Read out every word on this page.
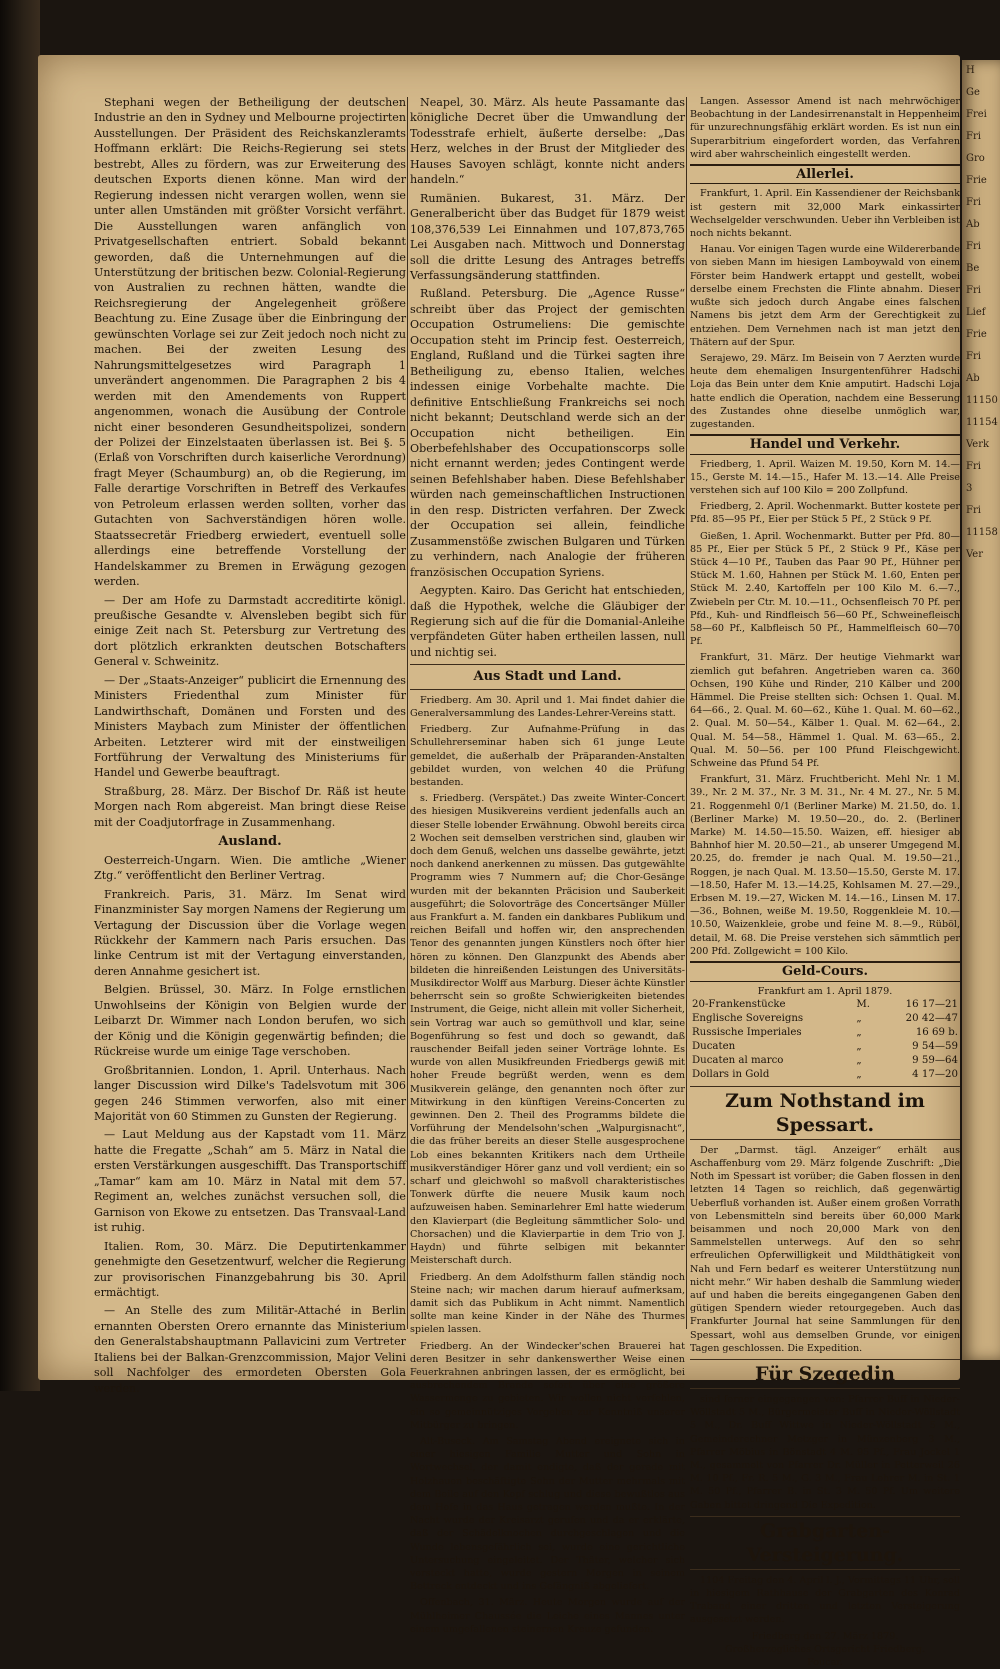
H
Ge
Frei
Fri
Gro
Frie
Fri
Ab
Fri
Be
Fri
Lief
Frie
Fri
Ab
11150
11154
Verk
Fri
3
Fri
11158
Ver

Stephani wegen der Betheiligung der deutschen Industrie an den in Sydney und Melbourne projectirten Ausstellungen. Der Präsident des Reichskanzleramts Hoffmann erklärt: Die Reichs-Regierung sei stets bestrebt, Alles zu fördern, was zur Erweiterung des deutschen Exports dienen könne. Man wird der Regierung indessen nicht verargen wollen, wenn sie unter allen Umständen mit größter Vorsicht verfährt. Die Ausstellungen waren anfänglich von Privatgesellschaften entriert. Sobald bekannt geworden, daß die Unternehmungen auf die Unterstützung der britischen bezw. Colonial-Regierung von Australien zu rechnen hätten, wandte die Reichsregierung der Angelegenheit größere Beachtung zu. Eine Zusage über die Einbringung der gewünschten Vorlage sei zur Zeit jedoch noch nicht zu machen. Bei der zweiten Lesung des Nahrungsmittelgesetzes wird Paragraph 1 unverändert angenommen. Die Paragraphen 2 bis 4 werden mit den Amendements von Ruppert angenommen, wonach die Ausübung der Controle nicht einer besonderen Gesundheitspolizei, sondern der Polizei der Einzelstaaten überlassen ist. Bei §. 5 (Erlaß von Vorschriften durch kaiserliche Verordnung) fragt Meyer (Schaumburg) an, ob die Regierung, im Falle derartige Vorschriften in Betreff des Verkaufes von Petroleum erlassen werden sollten, vorher das Gutachten von Sachverständigen hören wolle. Staatssecretär Friedberg erwiedert, eventuell solle allerdings eine betreffende Vorstellung der Handelskammer zu Bremen in Erwägung gezogen werden.

— Der am Hofe zu Darmstadt accreditirte königl. preußische Gesandte v. Alvensleben begibt sich für einige Zeit nach St. Petersburg zur Vertretung des dort plötzlich erkrankten deutschen Botschafters General v. Schweinitz.

— Der „Staats-Anzeiger“ publicirt die Ernennung des Ministers Friedenthal zum Minister für Landwirthschaft, Domänen und Forsten und des Ministers Maybach zum Minister der öffentlichen Arbeiten. Letzterer wird mit der einstweiligen Fortführung der Verwaltung des Ministeriums für Handel und Gewerbe beauftragt.

Straßburg, 28. März. Der Bischof Dr. Räß ist heute Morgen nach Rom abgereist. Man bringt diese Reise mit der Coadjutorfrage in Zusammenhang.

Ausland.

Oesterreich-Ungarn. Wien. Die amtliche „Wiener Ztg.“ veröffentlicht den Berliner Vertrag.

Frankreich. Paris, 31. März. Im Senat wird Finanzminister Say morgen Namens der Regierung um Vertagung der Discussion über die Vorlage wegen Rückkehr der Kammern nach Paris ersuchen. Das linke Centrum ist mit der Vertagung einverstanden, deren Annahme gesichert ist.

Belgien. Brüssel, 30. März. In Folge ernstlichen Unwohlseins der Königin von Belgien wurde der Leibarzt Dr. Wimmer nach London berufen, wo sich der König und die Königin gegenwärtig befinden; die Rückreise wurde um einige Tage verschoben.

Großbritannien. London, 1. April. Unterhaus. Nach langer Discussion wird Dilke's Tadelsvotum mit 306 gegen 246 Stimmen verworfen, also mit einer Majorität von 60 Stimmen zu Gunsten der Regierung.

— Laut Meldung aus der Kapstadt vom 11. März hatte die Fregatte „Schah“ am 5. März in Natal die ersten Verstärkungen ausgeschifft. Das Transportschiff „Tamar“ kam am 10. März in Natal mit dem 57. Regiment an, welches zunächst versuchen soll, die Garnison von Ekowe zu entsetzen. Das Transvaal-Land ist ruhig.

Italien. Rom, 30. März. Die Deputirtenkammer genehmigte den Gesetzentwurf, welcher die Regierung zur provisorischen Finanzgebahrung bis 30. April ermächtigt.

— An Stelle des zum Militär-Attaché in Berlin ernannten Obersten Orero ernannte das Ministerium den Generalstabshauptmann Pallavicini zum Vertreter Italiens bei der Balkan-Grenzcommission, Major Velini soll Nachfolger des ermordeten Obersten Gola werden.

Neapel, 30. März. Als heute Passamante das königliche Decret über die Umwandlung der Todesstrafe erhielt, äußerte derselbe: „Das Herz, welches in der Brust der Mitglieder des Hauses Savoyen schlägt, konnte nicht anders handeln.“

Rumänien. Bukarest, 31. März. Der Generalbericht über das Budget für 1879 weist 108,376,539 Lei Einnahmen und 107,873,765 Lei Ausgaben nach. Mittwoch und Donnerstag soll die dritte Lesung des Antrages betreffs Verfassungsänderung stattfinden.

Rußland. Petersburg. Die „Agence Russe“ schreibt über das Project der gemischten Occupation Ostrumeliens: Die gemischte Occupation steht im Princip fest. Oesterreich, England, Rußland und die Türkei sagten ihre Betheiligung zu, ebenso Italien, welches indessen einige Vorbehalte machte. Die definitive Entschließung Frankreichs sei noch nicht bekannt; Deutschland werde sich an der Occupation nicht betheiligen. Ein Oberbefehlshaber des Occupationscorps solle nicht ernannt werden; jedes Contingent werde seinen Befehlshaber haben. Diese Befehlshaber würden nach gemeinschaftlichen Instructionen in den resp. Districten verfahren. Der Zweck der Occupation sei allein, feindliche Zusammenstöße zwischen Bulgaren und Türken zu verhindern, nach Analogie der früheren französischen Occupation Syriens.

Aegypten. Kairo. Das Gericht hat entschieden, daß die Hypothek, welche die Gläubiger der Regierung sich auf die für die Domanial-Anleihe verpfändeten Güter haben ertheilen lassen, null und nichtig sei.

Aus Stadt und Land.

Friedberg. Am 30. April und 1. Mai findet dahier die Generalversammlung des Landes-Lehrer-Vereins statt.

Friedberg. Zur Aufnahme-Prüfung in das Schullehrerseminar haben sich 61 junge Leute gemeldet, die außerhalb der Präparanden-Anstalten gebildet wurden, von welchen 40 die Prüfung bestanden.

s. Friedberg. (Verspätet.) Das zweite Winter-Concert des hiesigen Musikvereins verdient jedenfalls auch an dieser Stelle lobender Erwähnung. Obwohl bereits circa 2 Wochen seit demselben verstrichen sind, glauben wir doch dem Genuß, welchen uns dasselbe gewährte, jetzt noch dankend anerkennen zu müssen. Das gutgewählte Programm wies 7 Nummern auf; die Chor-Gesänge wurden mit der bekannten Präcision und Sauberkeit ausgeführt; die Solovorträge des Concertsänger Müller aus Frankfurt a. M. fanden ein dankbares Publikum und reichen Beifall und hoffen wir, den ansprechenden Tenor des genannten jungen Künstlers noch öfter hier hören zu können. Den Glanzpunkt des Abends aber bildeten die hinreißenden Leistungen des Universitäts-Musikdirector Wolff aus Marburg. Dieser ächte Künstler beherrscht sein so großte Schwierigkeiten bietendes Instrument, die Geige, nicht allein mit voller Sicherheit, sein Vortrag war auch so gemüthvoll und klar, seine Bogenführung so fest und doch so gewandt, daß rauschender Beifall jeden seiner Vorträge lohnte. Es wurde von allen Musikfreunden Friedbergs gewiß mit hoher Freude begrüßt werden, wenn es dem Musikverein gelänge, den genannten noch öfter zur Mitwirkung in den künftigen Vereins-Concerten zu gewinnen. Den 2. Theil des Programms bildete die Vorführung der Mendelsohn'schen „Walpurgisnacht“, die das früher bereits an dieser Stelle ausgesprochene Lob eines bekannten Kritikers nach dem Urtheile musikverständiger Hörer ganz und voll verdient; ein so scharf und gleichwohl so maßvoll charakteristisches Tonwerk dürfte die neuere Musik kaum noch aufzuweisen haben. Seminarlehrer Eml hatte wiederum den Klavierpart (die Begleitung sämmtlicher Solo- und Chorsachen) und die Klavierpartie in dem Trio von J. Haydn) und führte selbigen mit bekannter Meisterschaft durch.

Friedberg. An dem Adolfsthurm fallen ständig noch Steine nach; wir machen darum hierauf aufmerksam, damit sich das Publikum in Acht nimmt. Namentlich sollte man keine Kinder in der Nähe des Thurmes spielen lassen.

Friedberg. An der Windecker'schen Brauerei hat deren Besitzer in sehr dankenswerther Weise einen Feuerkrahnen anbringen lassen, der es ermöglicht, bei ausbrechendem Brande sofort über eine größere Wassermenge zu gebieten. Wir wollen nicht verfehlen, ein so gemeinnütziges Vorgehen zur Kenntniß unserer Mitbürger zu bringen.

Alt-Buseck. Am Samstag Abend ereignete sich in einer hiesigen Familie Mutter und Sohn in Wortwechsel, der damit endigte, daß der gerade mit Holzhauen beschäftigte Sohn der Mutter mehrmals mit dem Beile auf den Kopf schlug und diese bewußtlos aus dem Hofe in das Haus getragen werden mußte. In der Nacht wurde der Kreisarzt gerufen und da er erklärte, daß der Schädelknochen durchgeschlagen und die Wunde lebensgefährlich sei, wurde eine gerichtliche Untersuchung eingeleitet. Der Thäter, welcher sich versteckt hatte, wurde gestern Morgen in seinem Bettreck entdeckt und ins Gefängniß abgeliefert.

Offenbach, 31. März. Heute Morgen wurde auf der Mühlheimer Chaussée die Leiche eines Mannes unter einem umgefallenen steinernen Kreuze gefunden.

Langen. Assessor Amend ist nach mehrwöchiger Beobachtung in der Landesirrenanstalt in Heppenheim für unzurechnungsfähig erklärt worden. Es ist nun ein Superarbitrium eingefordert worden, das Verfahren wird aber wahrscheinlich eingestellt werden.

Allerlei.

Frankfurt, 1. April. Ein Kassendiener der Reichsbank ist gestern mit 32,000 Mark einkassirter Wechselgelder verschwunden. Ueber ihn Verbleiben ist noch nichts bekannt.

Hanau. Vor einigen Tagen wurde eine Wildererbande von sieben Mann im hiesigen Lamboywald von einem Förster beim Handwerk ertappt und gestellt, wobei derselbe einem Frechsten die Flinte abnahm. Dieser wußte sich jedoch durch Angabe eines falschen Namens bis jetzt dem Arm der Gerechtigkeit zu entziehen. Dem Vernehmen nach ist man jetzt den Thätern auf der Spur.

Serajewo, 29. März. Im Beisein von 7 Aerzten wurde heute dem ehemaligen Insurgentenführer Hadschi Loja das Bein unter dem Knie amputirt. Hadschi Loja hatte endlich die Operation, nachdem eine Besserung des Zustandes ohne dieselbe unmöglich war, zugestanden.

Handel und Verkehr.

Friedberg, 1. April. Waizen M. 19.50, Korn M. 14.—15., Gerste M. 14.—15., Hafer M. 13.—14. Alle Preise verstehen sich auf 100 Kilo = 200 Zollpfund.

Friedberg, 2. April. Wochenmarkt. Butter kostete per Pfd. 85—95 Pf., Eier per Stück 5 Pf., 2 Stück 9 Pf.

Gießen, 1. April. Wochenmarkt. Butter per Pfd. 80—85 Pf., Eier per Stück 5 Pf., 2 Stück 9 Pf., Käse per Stück 4—10 Pf., Tauben das Paar 90 Pf., Hühner per Stück M. 1.60, Hahnen per Stück M. 1.60, Enten per Stück M. 2.40, Kartoffeln per 100 Kilo M. 6.—7., Zwiebeln per Ctr. M. 10.—11., Ochsenfleisch 70 Pf. per Pfd., Kuh- und Rindfleisch 56—60 Pf., Schweinefleisch 58—60 Pf., Kalbfleisch 50 Pf., Hammelfleisch 60—70 Pf.

Frankfurt, 31. März. Der heutige Viehmarkt war ziemlich gut befahren. Angetrieben waren ca. 360 Ochsen, 190 Kühe und Rinder, 210 Kälber und 200 Hämmel. Die Preise stellten sich: Ochsen 1. Qual. M. 64—66., 2. Qual. M. 60—62., Kühe 1. Qual. M. 60—62., 2. Qual. M. 50—54., Kälber 1. Qual. M. 62—64., 2. Qual. M. 54—58., Hämmel 1. Qual. M. 63—65., 2. Qual. M. 50—56. per 100 Pfund Fleischgewicht. Schweine das Pfund 54 Pf.

Frankfurt, 31. März. Fruchtbericht. Mehl Nr. 1 M. 39., Nr. 2 M. 37., Nr. 3 M. 31., Nr. 4 M. 27., Nr. 5 M. 21. Roggenmehl 0/1 (Berliner Marke) M. 21.50, do. 1. (Berliner Marke) M. 19.50—20., do. 2. (Berliner Marke) M. 14.50—15.50. Waizen, eff. hiesiger ab Bahnhof hier M. 20.50—21., ab unserer Umgegend M. 20.25, do. fremder je nach Qual. M. 19.50—21., Roggen, je nach Qual. M. 13.50—15.50, Gerste M. 17.—18.50, Hafer M. 13.—14.25, Kohlsamen M. 27.—29., Erbsen M. 19.—27, Wicken M. 14.—16., Linsen M. 17.—36., Bohnen, weiße M. 19.50, Roggenkleie M. 10.—10.50, Waizenkleie, grobe und feine M. 8.—9., Rüböl, detail, M. 68. Die Preise verstehen sich sämmtlich per 200 Pfd. Zollgewicht = 100 Kilo.

Geld-Cours.
Frankfurt am 1. April 1879.
20-Frankenstücke	M.	16 17—21
Englische Sovereigns	„	20 42—47
Russische Imperiales	„	16 69 b.
Ducaten	„	9 54—59
Ducaten al marco	„	9 59—64
Dollars in Gold	„	4 17—20
Zum Nothstand im Spessart.

Der „Darmst. tägl. Anzeiger“ erhält aus Aschaffenburg vom 29. März folgende Zuschrift: „Die Noth im Spessart ist vorüber; die Gaben flossen in den letzten 14 Tagen so reichlich, daß gegenwärtig Ueberfluß vorhanden ist. Außer einem großen Vorrath von Lebensmitteln sind bereits über 60,000 Mark beisammen und noch 20,000 Mark von den Sammelstellen unterwegs. Auf den so sehr erfreulichen Opferwilligkeit und Mildthätigkeit von Nah und Fern bedarf es weiterer Unterstützung nun nicht mehr.“ Wir haben deshalb die Sammlung wieder auf und haben die bereits eingegangenen Gaben den gütigen Spendern wieder retourgegeben. Auch das Frankfurter Journal hat seine Sammlungen für den Spessart, wohl aus demselben Grunde, vor einigen Tagen geschlossen. Die Expedition.

Für Szegedin

sind ferner eingegangen von: Pfarrer Buff in Nieder-Wöllstadt 5 M., Bürgermeister Buff in Nieder-Wöllstadt 5 M., Dr. Buff Wittwe in Nieder-Wöllstadt 5 M., Gemeinderechner Metzger in Münzenberg 3 M., Pfarrer Möbius in Bönstadt 4 M. 95 Pf., Frau Jockel 1 M., gesammelt von Pfarrer Dr. Müller in Petterweil 26 M. 10 Pf., Fr. R. 5 M., G. 3 M., Frau Lehrer M. in St. 1 M. 50 Pf., Pfarrer B. in St. 3 M. 50 Pf. Um weitere Gaben bittet dringend Die Expedition.

Grabgarten-Versteigerung.

1104 Freitag den 4. April l. J., Vormittags 11 Uhr, soll in hiesigem Rathhause der Grabgarten des Konrad Traband einer dritten und letzten Versteigerung ausgesetzt werden.

Friedberg den 27. März 1879.
Großherzogliches Ortsgericht Friedberg.
Foucar.
